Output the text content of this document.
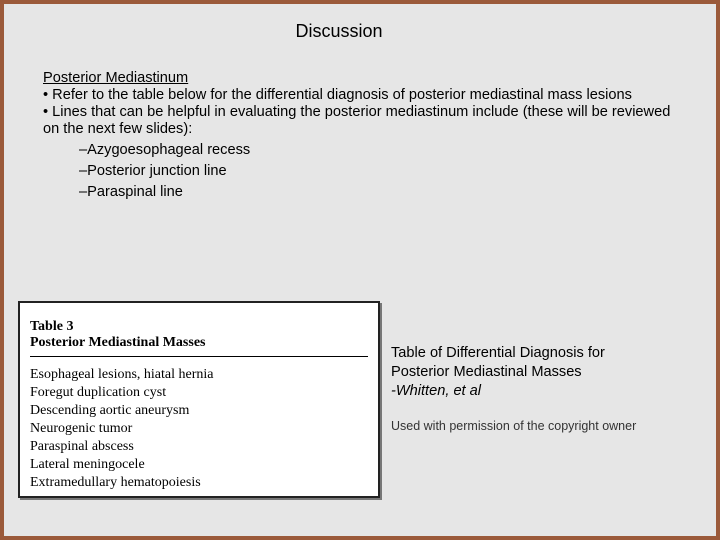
Discussion

Posterior Mediastinum

• Refer to the table below for the differential diagnosis of posterior mediastinal mass lesions

• Lines that can be helpful in evaluating the posterior mediastinum include (these will be reviewed on the next few slides):

–Azygoesophageal recess

–Posterior junction line

–Paraspinal line

Table 3
Posterior Mediastinal Masses
Esophageal lesions, hiatal hernia
Foregut duplication cyst
Descending aortic aneurysm
Neurogenic tumor
Paraspinal abscess
Lateral meningocele
Extramedullary hematopoiesis
Table of Differential Diagnosis for
Posterior Mediastinal Masses
-Whitten, et al
Used with permission of the copyright owner
